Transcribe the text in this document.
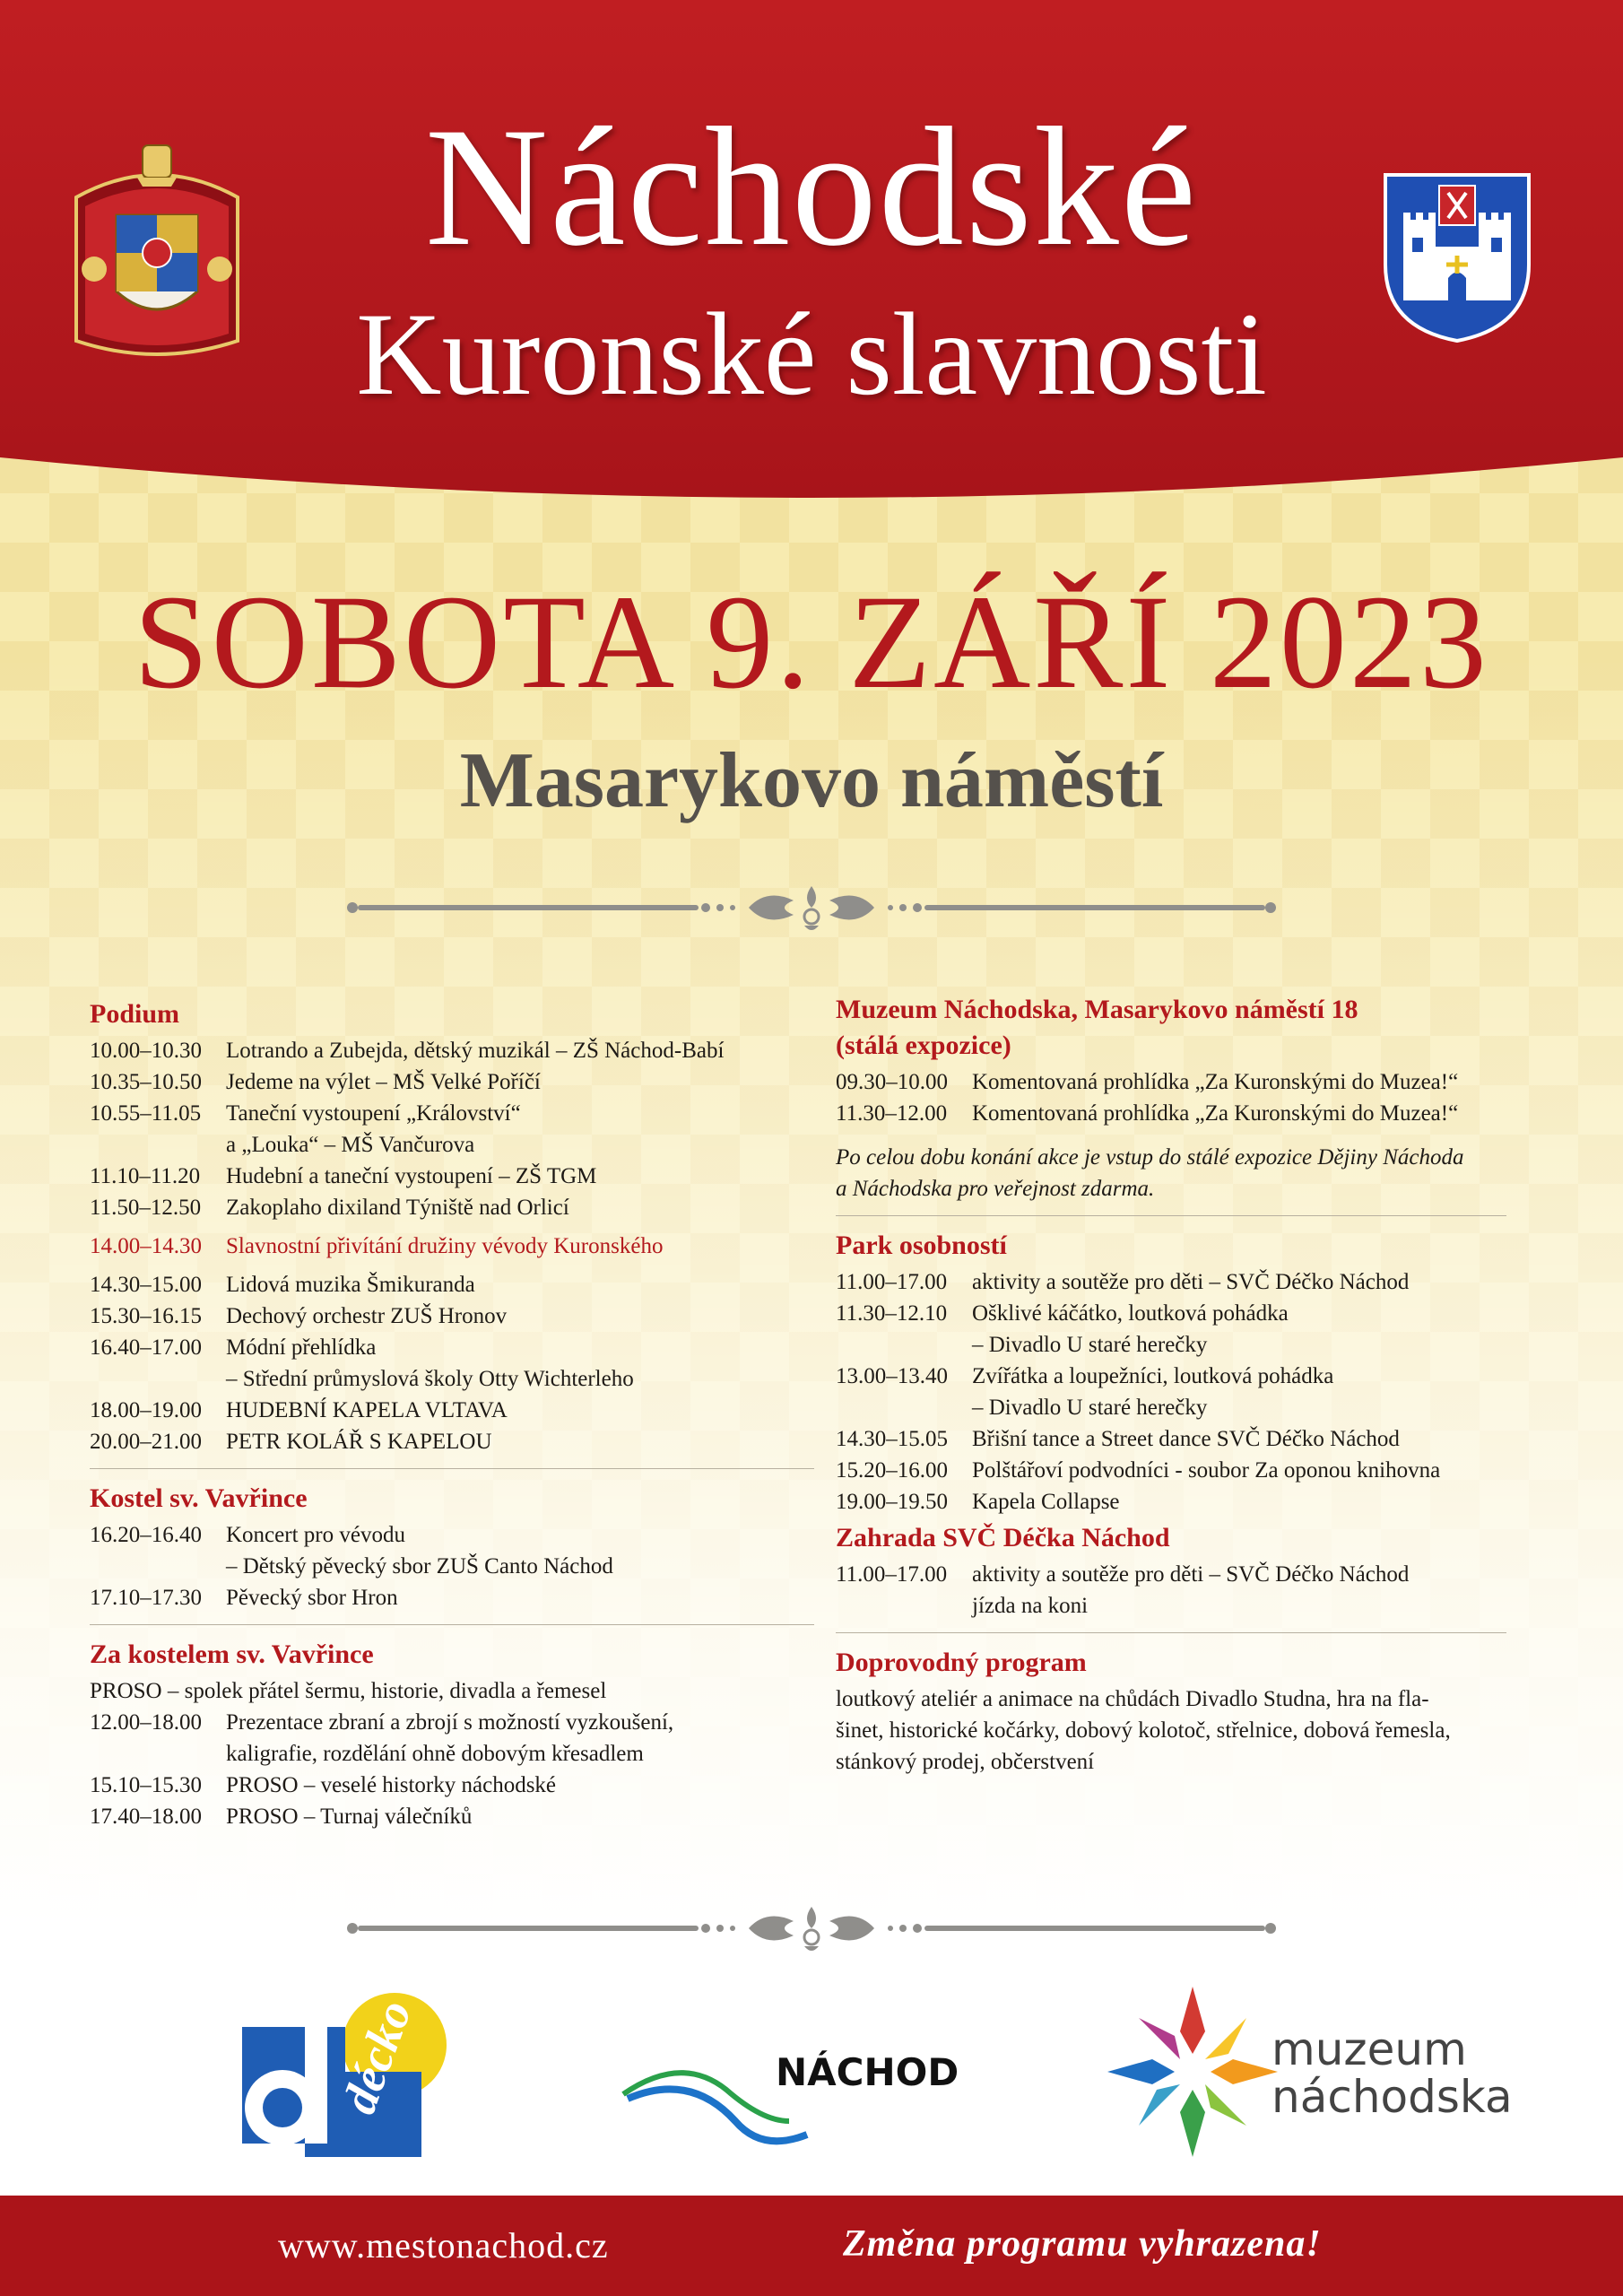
Náchodské
Kuronské slavnosti
SOBOTA 9. ZÁŘÍ 2023
Masarykovo náměstí
Podium
10.00–10.30	Lotrando a Zubejda, dětský muzikál – ZŠ Náchod-Babí
10.35–10.50	Jedeme na výlet – MŠ Velké Poříčí
10.55–11.05	Taneční vystoupení „Království“
a „Louka“ – MŠ Vančurova
11.10–11.20	Hudební a taneční vystoupení – ZŠ TGM
11.50–12.50	Zakoplaho dixiland Týniště nad Orlicí
14.00–14.30	Slavnostní přivítání družiny vévody Kuronského
14.30–15.00	Lidová muzika Šmikuranda
15.30–16.15	Dechový orchestr ZUŠ Hronov
16.40–17.00	Módní přehlídka
– Střední průmyslová školy Otty Wichterleho
18.00–19.00	HUDEBNÍ KAPELA VLTAVA
20.00–21.00	PETR KOLÁŘ S KAPELOU
Kostel sv. Vavřince
16.20–16.40	Koncert pro vévodu
– Dětský pěvecký sbor ZUŠ Canto Náchod
17.10–17.30	Pěvecký sbor Hron
Za kostelem sv. Vavřince
PROSO – spolek přátel šermu, historie, divadla a řemesel
12.00–18.00	Prezentace zbraní a zbrojí s možností vyzkoušení,
kaligrafie, rozdělání ohně dobovým křesadlem
15.10–15.30	PROSO – veselé historky náchodské
17.40–18.00	PROSO – Turnaj válečníků
Muzeum Náchodska, Masarykovo náměstí 18
(stálá expozice)
09.30–10.00	Komentovaná prohlídka „Za Kuronskými do Muzea!“
11.30–12.00	Komentovaná prohlídka „Za Kuronskými do Muzea!“
Po celou dobu konání akce je vstup do stálé expozice Dějiny Náchoda
a Náchodska pro veřejnost zdarma.
Park osobností
11.00–17.00	aktivity a soutěže pro děti – SVČ Déčko Náchod
11.30–12.10	Ošklivé káčátko, loutková pohádka
– Divadlo U staré herečky
13.00–13.40	Zvířátka a loupežníci, loutková pohádka
– Divadlo U staré herečky
14.30–15.05	Břišní tance a Street dance SVČ Déčko Náchod
15.20–16.00	Polštářoví podvodníci - soubor Za oponou knihovna
19.00–19.50	Kapela Collapse
Zahrada SVČ Déčka Náchod
11.00–17.00	aktivity a soutěže pro děti – SVČ Déčko Náchod
jízda na koni
Doprovodný program
loutkový ateliér a animace na chůdách Divadlo Studna, hra na fla-
šinet, historické kočárky, dobový kolotoč, střelnice, dobová řemesla,
stánkový prodej, občerstvení
décko	NÁCHOD	muzeum
náchodska
www.mestonachod.cz	Změna programu vyhrazena!
